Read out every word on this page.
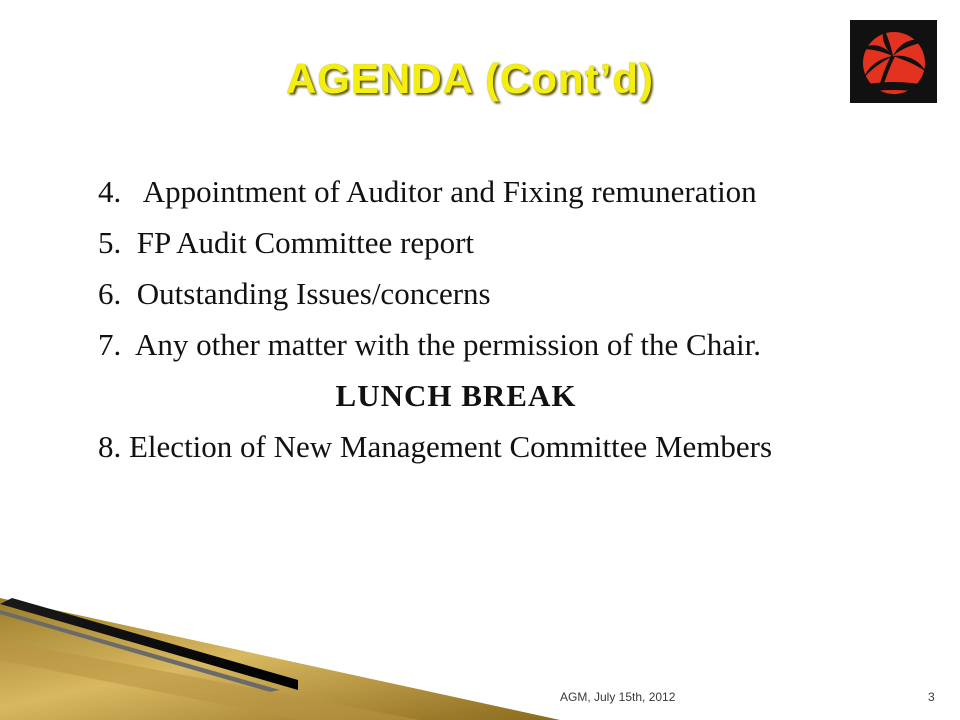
AGENDA (Cont’d)
4. Appointment of Auditor and Fixing remuneration
5. FP Audit Committee report
6. Outstanding Issues/concerns
7. Any other matter with the permission of the Chair.
LUNCH BREAK
8. Election of New Management Committee Members
AGM, July 15th, 2012	3
